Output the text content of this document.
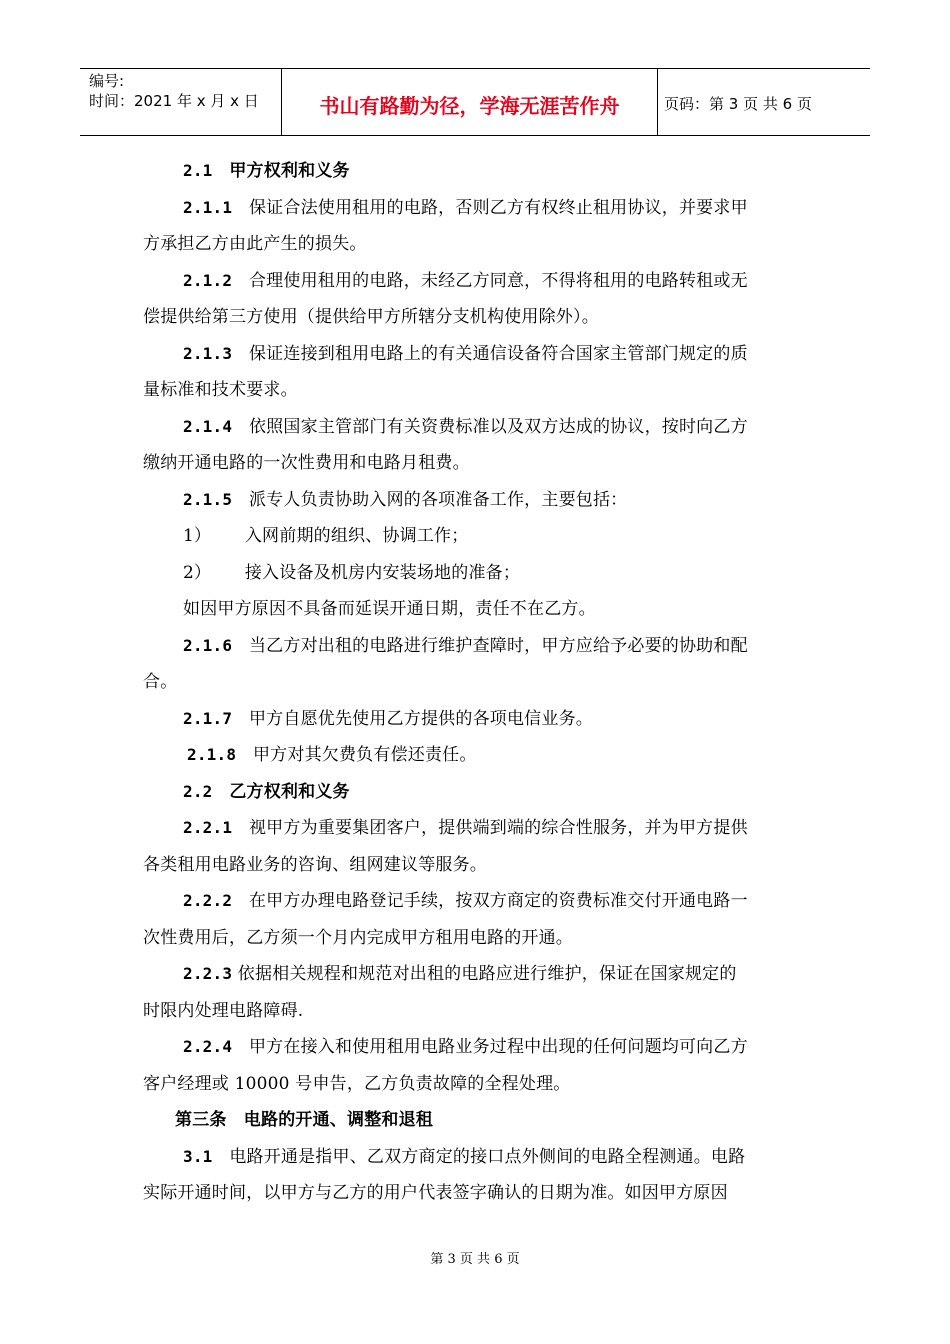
编号:
时间：2021 年 x 月 x 日	书山有路勤为径，学海无涯苦作舟	页码：第 3 页 共 6 页
2.1 甲方权利和义务
2.1.1 保证合法使用租用的电路，否则乙方有权终止租用协议，并要求甲
方承担乙方由此产生的损失。
2.1.2 合理使用租用的电路，未经乙方同意，不得将租用的电路转租或无
偿提供给第三方使用（提供给甲方所辖分支机构使用除外）。
2.1.3 保证连接到租用电路上的有关通信设备符合国家主管部门规定的质
量标准和技术要求。
2.1.4 依照国家主管部门有关资费标准以及双方达成的协议，按时向乙方
缴纳开通电路的一次性费用和电路月租费。
2.1.5 派专人负责协助入网的各项准备工作，主要包括：
1） 入网前期的组织、协调工作；
2） 接入设备及机房内安装场地的准备；
如因甲方原因不具备而延误开通日期，责任不在乙方。
2.1.6 当乙方对出租的电路进行维护查障时，甲方应给予必要的协助和配
合。
2.1.7 甲方自愿优先使用乙方提供的各项电信业务。
2.1.8 甲方对其欠费负有偿还责任。
2.2 乙方权利和义务
2.2.1 视甲方为重要集团客户，提供端到端的综合性服务，并为甲方提供
各类租用电路业务的咨询、组网建议等服务。
2.2.2 在甲方办理电路登记手续，按双方商定的资费标准交付开通电路一
次性费用后，乙方须一个月内完成甲方租用电路的开通。
2.2.3 依据相关规程和规范对出租的电路应进行维护，保证在国家规定的
时限内处理电路障碍.
2.2.4 甲方在接入和使用租用电路业务过程中出现的任何问题均可向乙方
客户经理或 10000 号申告，乙方负责故障的全程处理。
第三条　电路的开通、调整和退租
3.1 电路开通是指甲、乙双方商定的接口点外侧间的电路全程测通。电路
实际开通时间，以甲方与乙方的用户代表签字确认的日期为准。如因甲方原因
第 3 页 共 6 页
